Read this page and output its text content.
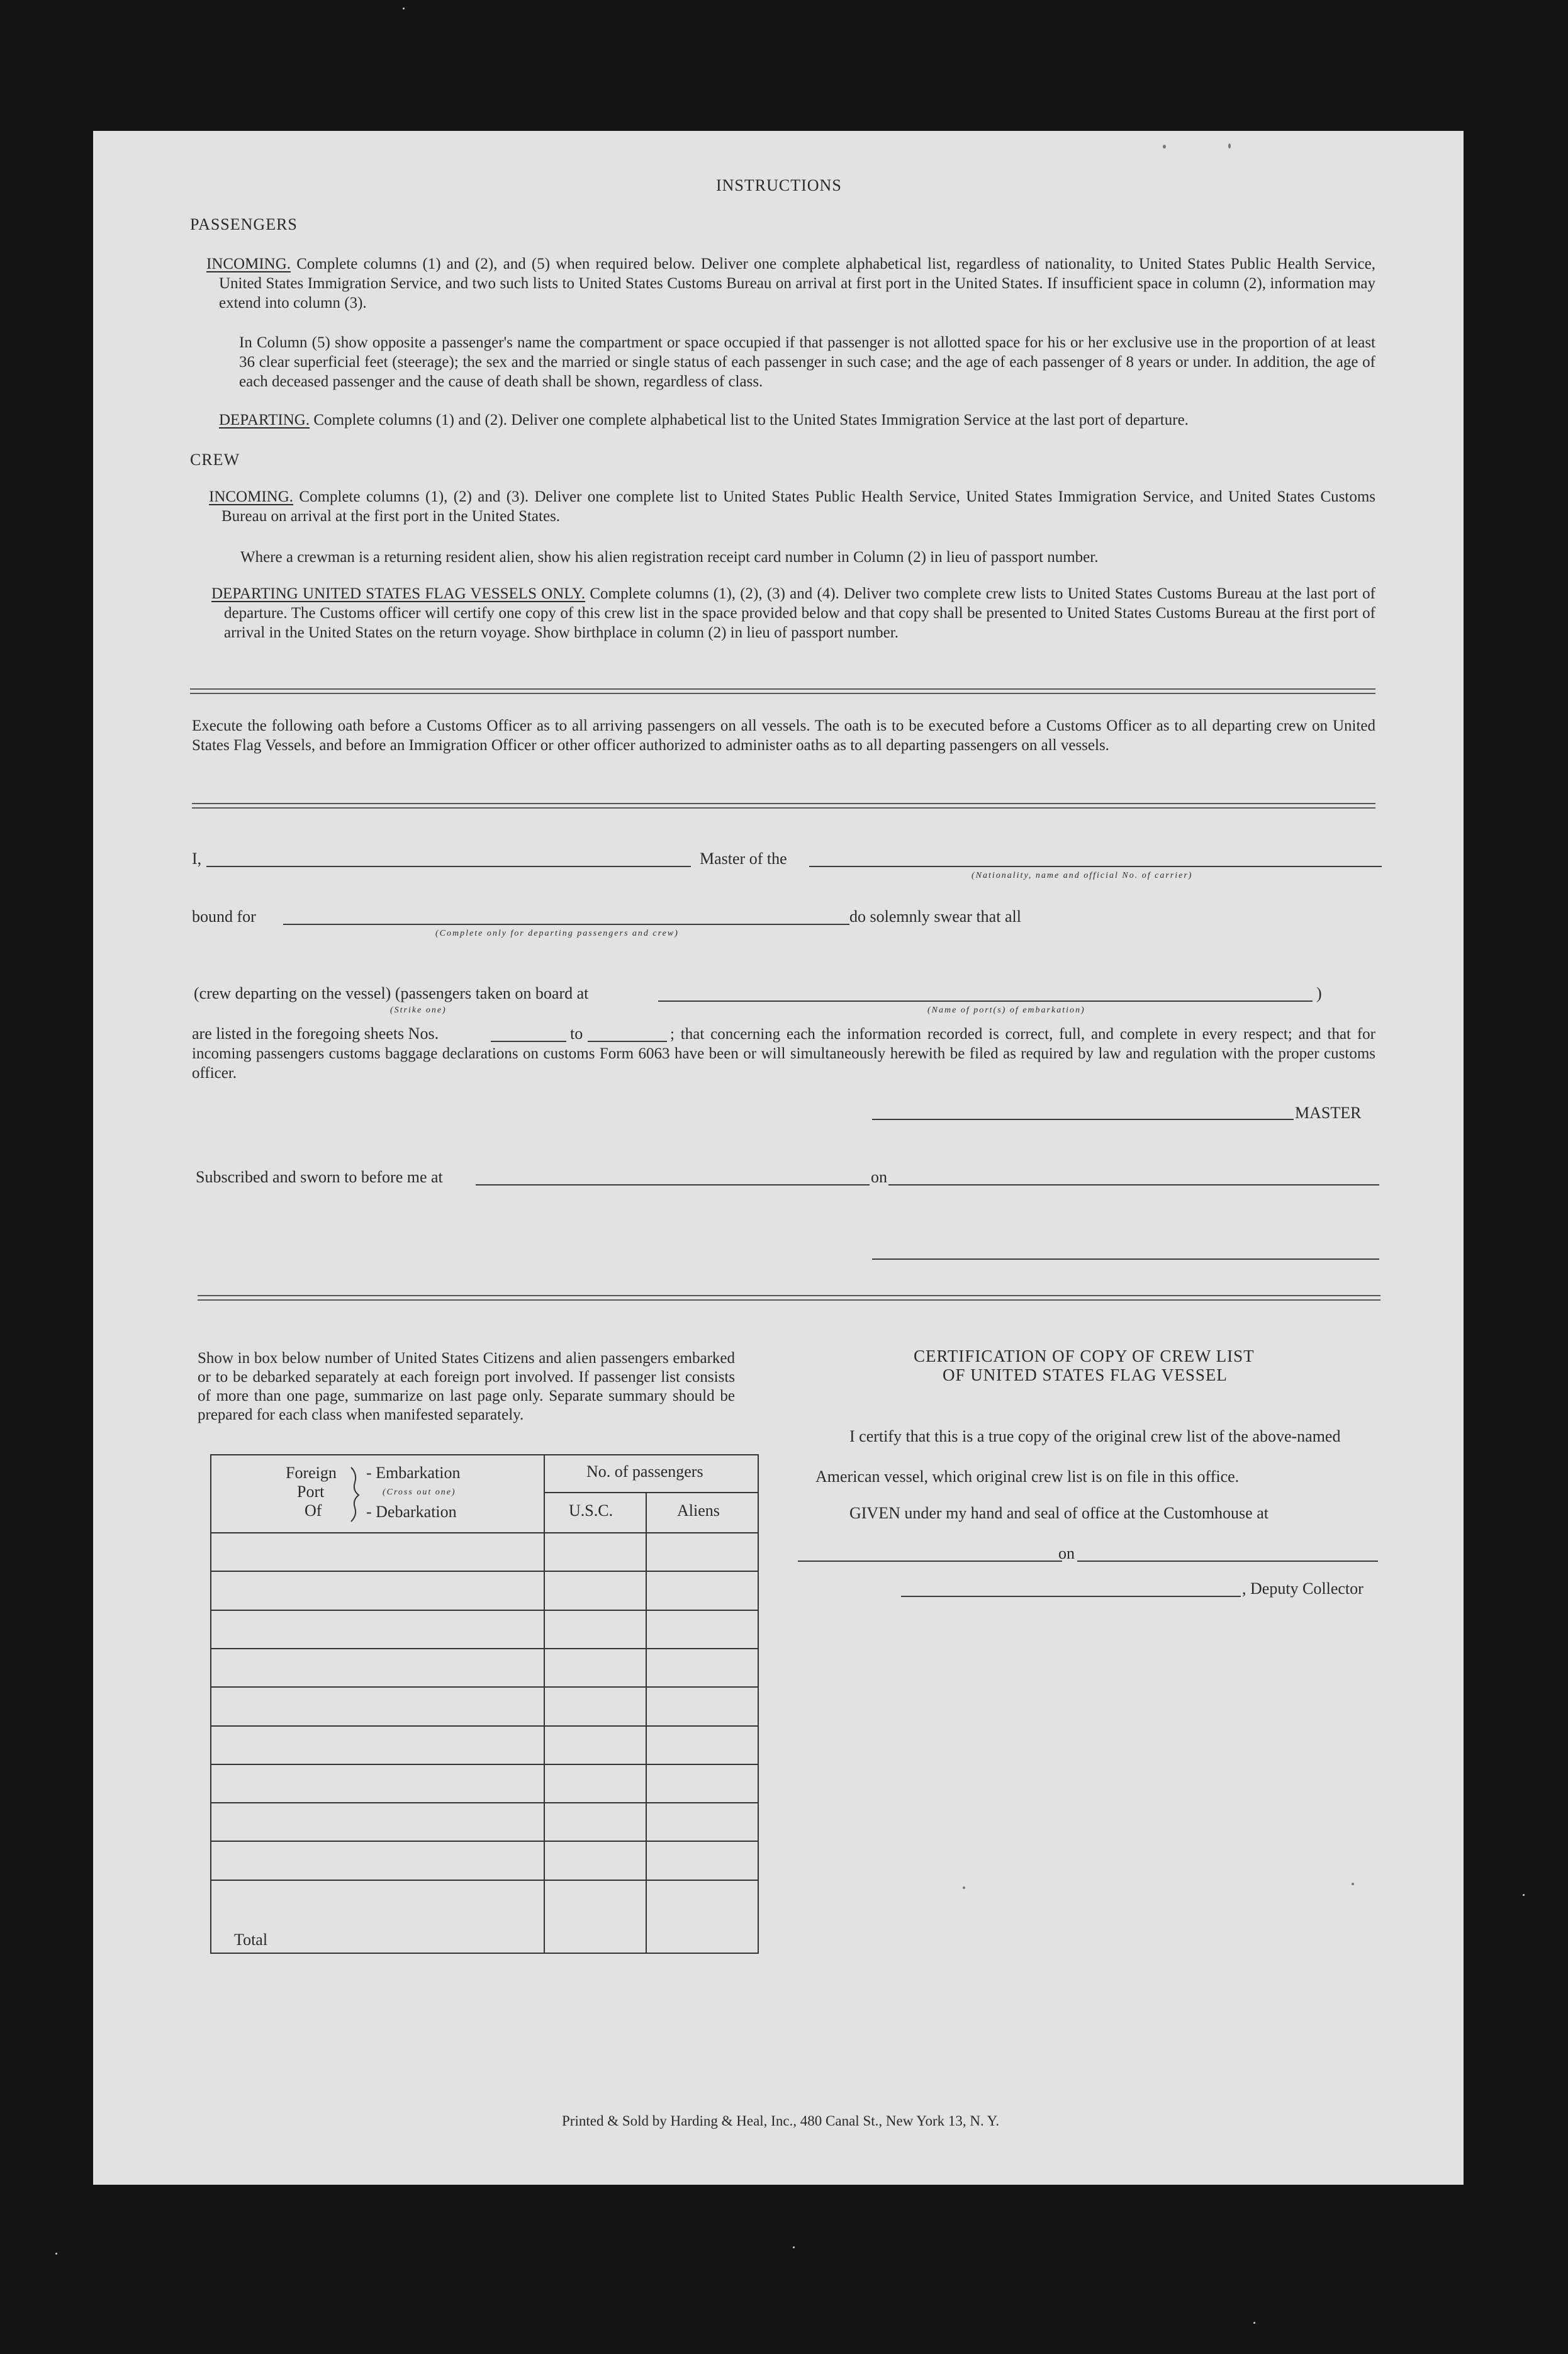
INSTRUCTIONS
PASSENGERS
INCOMING. Complete columns (1) and (2), and (5) when required below. Deliver one complete alphabetical list, regardless of nationality, to United States Public Health Service, United States Immigration Service, and two such lists to United States Customs Bureau on arrival at first port in the United States. If insufficient space in column (2), information may extend into column (3).
In Column (5) show opposite a passenger's name the compartment or space occupied if that passenger is not allotted space for his or her exclusive use in the proportion of at least 36 clear superficial feet (steerage); the sex and the married or single status of each passenger in such case; and the age of each passenger of 8 years or under. In addition, the age of each deceased passenger and the cause of death shall be shown, regardless of class.
DEPARTING. Complete columns (1) and (2). Deliver one complete alphabetical list to the United States Immigration Service at the last port of departure.
CREW
INCOMING. Complete columns (1), (2) and (3). Deliver one complete list to United States Public Health Service, United States Immigration Service, and United States Customs Bureau on arrival at the first port in the United States.
Where a crewman is a returning resident alien, show his alien registration receipt card number in Column (2) in lieu of passport number.
DEPARTING UNITED STATES FLAG VESSELS ONLY. Complete columns (1), (2), (3) and (4). Deliver two complete crew lists to United States Customs Bureau at the last port of departure. The Customs officer will certify one copy of this crew list in the space provided below and that copy shall be presented to United States Customs Bureau at the first port of arrival in the United States on the return voyage. Show birthplace in column (2) in lieu of passport number.
Execute the following oath before a Customs Officer as to all arriving passengers on all vessels. The oath is to be executed before a Customs Officer as to all departing crew on United States Flag Vessels, and before an Immigration Officer or other officer authorized to administer oaths as to all departing passengers on all vessels.
I,	Master of the
(Nationality, name and official No. of carrier)
bound for	do solemnly swear that all
(Complete only for departing passengers and crew)
(crew departing on the vessel) (passengers taken on board at	)
(Strike one)	(Name of port(s) of embarkation)
are listed in the foregoing sheets Nos.	to	; that concerning each the information recorded is correct, full, and complete in every respect; and that for incoming passengers customs baggage declarations on customs Form 6063 have been or will simultaneously herewith be filed as required by law and regulation with the proper customs officer.
MASTER
Subscribed and sworn to before me at	on
Show in box below number of United States Citizens and alien passengers embarked or to be debarked separately at each foreign port involved. If passenger list consists of more than one page, summarize on last page only. Separate summary should be prepared for each class when manifested separately.
Foreign
Port
Of
- Embarkation
(Cross out one)
- Debarkation
No. of passengers
U.S.C.	Aliens
Total
CERTIFICATION OF COPY OF CREW LIST
OF UNITED STATES FLAG VESSEL
I certify that this is a true copy of the original crew list of the above-named
American vessel, which original crew list is on file in this office.
GIVEN under my hand and seal of office at the Customhouse at
on
, Deputy Collector
Printed & Sold by Harding & Heal, Inc., 480 Canal St., New York 13, N. Y.
